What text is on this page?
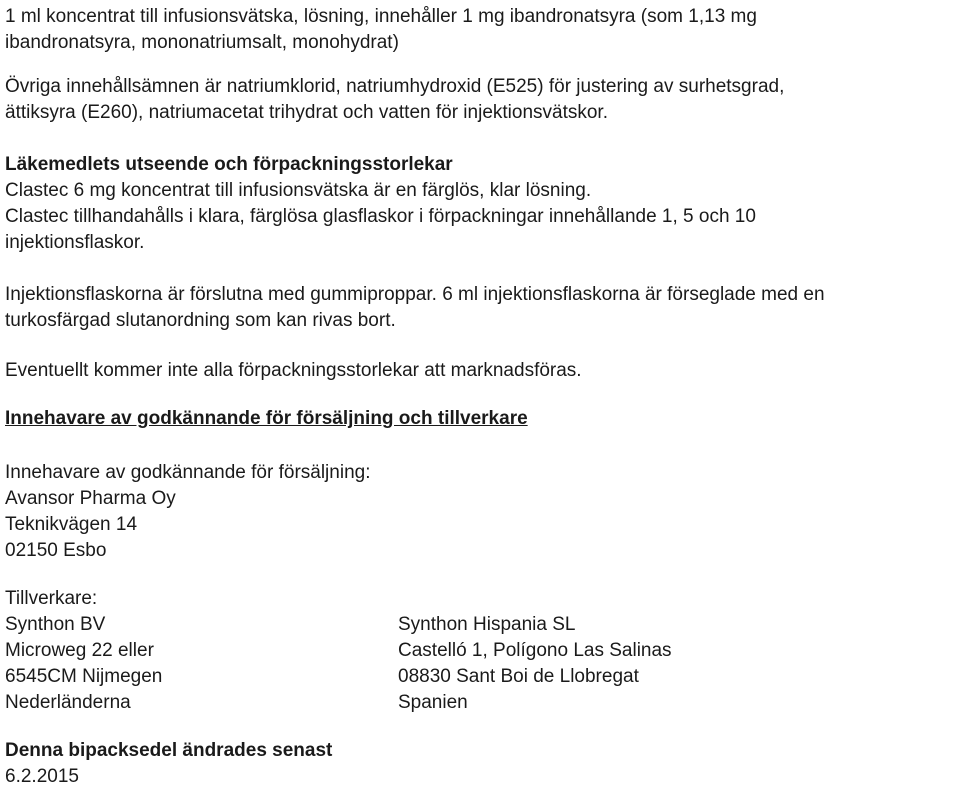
1 ml koncentrat till infusionsvätska, lösning, innehåller 1 mg ibandronatsyra (som 1,13 mg

ibandronatsyra, mononatriumsalt, monohydrat)

Övriga innehållsämnen är natriumklorid, natriumhydroxid (E525) för justering av surhetsgrad,

ättiksyra (E260), natriumacetat trihydrat och vatten för injektionsvätskor.

Läkemedlets utseende och förpackningsstorlekar

Clastec 6 mg koncentrat till infusionsvätska är en färglös, klar lösning.

Clastec tillhandahålls i klara, färglösa glasflaskor i förpackningar innehållande 1, 5 och 10

injektionsflaskor.

Injektionsflaskorna är förslutna med gummiproppar. 6 ml injektionsflaskorna är förseglade med en

turkosfärgad slutanordning som kan rivas bort.

Eventuellt kommer inte alla förpackningsstorlekar att marknadsföras.

Innehavare av godkännande för försäljning och tillverkare

Innehavare av godkännande för försäljning:

Avansor Pharma Oy

Teknikvägen 14

02150 Esbo

Tillverkare:

Synthon BV

Microweg 22 eller

6545CM Nijmegen

Nederländerna

Synthon Hispania SL

Castelló 1, Polígono Las Salinas

08830 Sant Boi de Llobregat

Spanien

Denna bipacksedel ändrades senast

6.2.2015
